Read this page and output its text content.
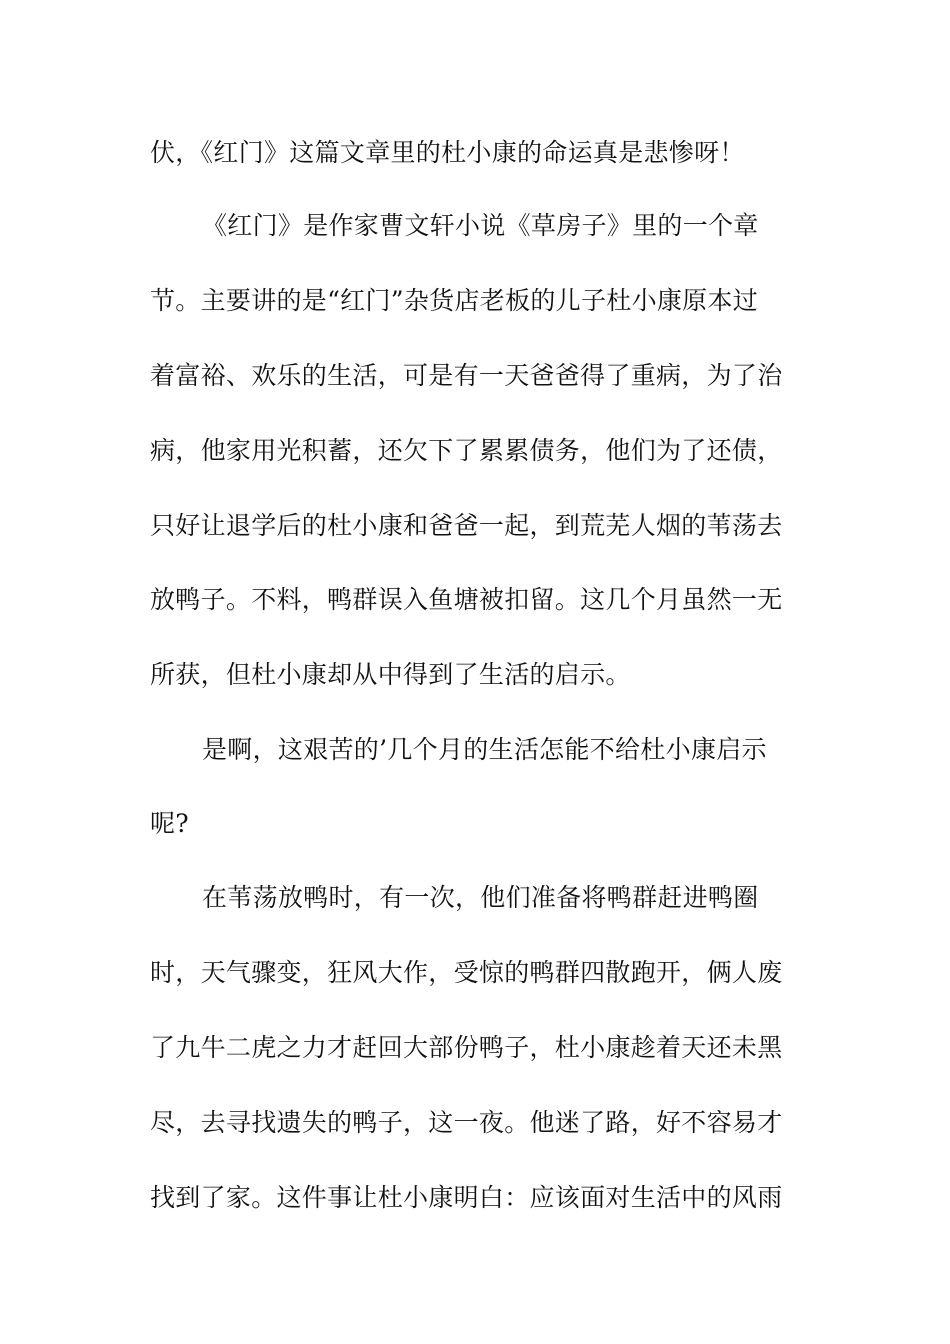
伏，《红门》这篇文章里的杜小康的命运真是悲惨呀！
《红门》是作家曹文轩小说《草房子》里的一个章
节。主要讲的是“红门”杂货店老板的儿子杜小康原本过
着富裕、欢乐的生活，可是有一天爸爸得了重病，为了治
病，他家用光积蓄，还欠下了累累债务，他们为了还债，
只好让退学后的杜小康和爸爸一起，到荒芜人烟的苇荡去
放鸭子。不料，鸭群误入鱼塘被扣留。这几个月虽然一无
所获，但杜小康却从中得到了生活的启示。
是啊，这艰苦的’几个月的生活怎能不给杜小康启示
呢?
在苇荡放鸭时，有一次，他们准备将鸭群赶进鸭圈
时，天气骤变，狂风大作，受惊的鸭群四散跑开，俩人废
了九牛二虎之力才赶回大部份鸭子，杜小康趁着天还未黑
尽，去寻找遗失的鸭子，这一夜。他迷了路，好不容易才
找到了家。这件事让杜小康明白：应该面对生活中的风雨
